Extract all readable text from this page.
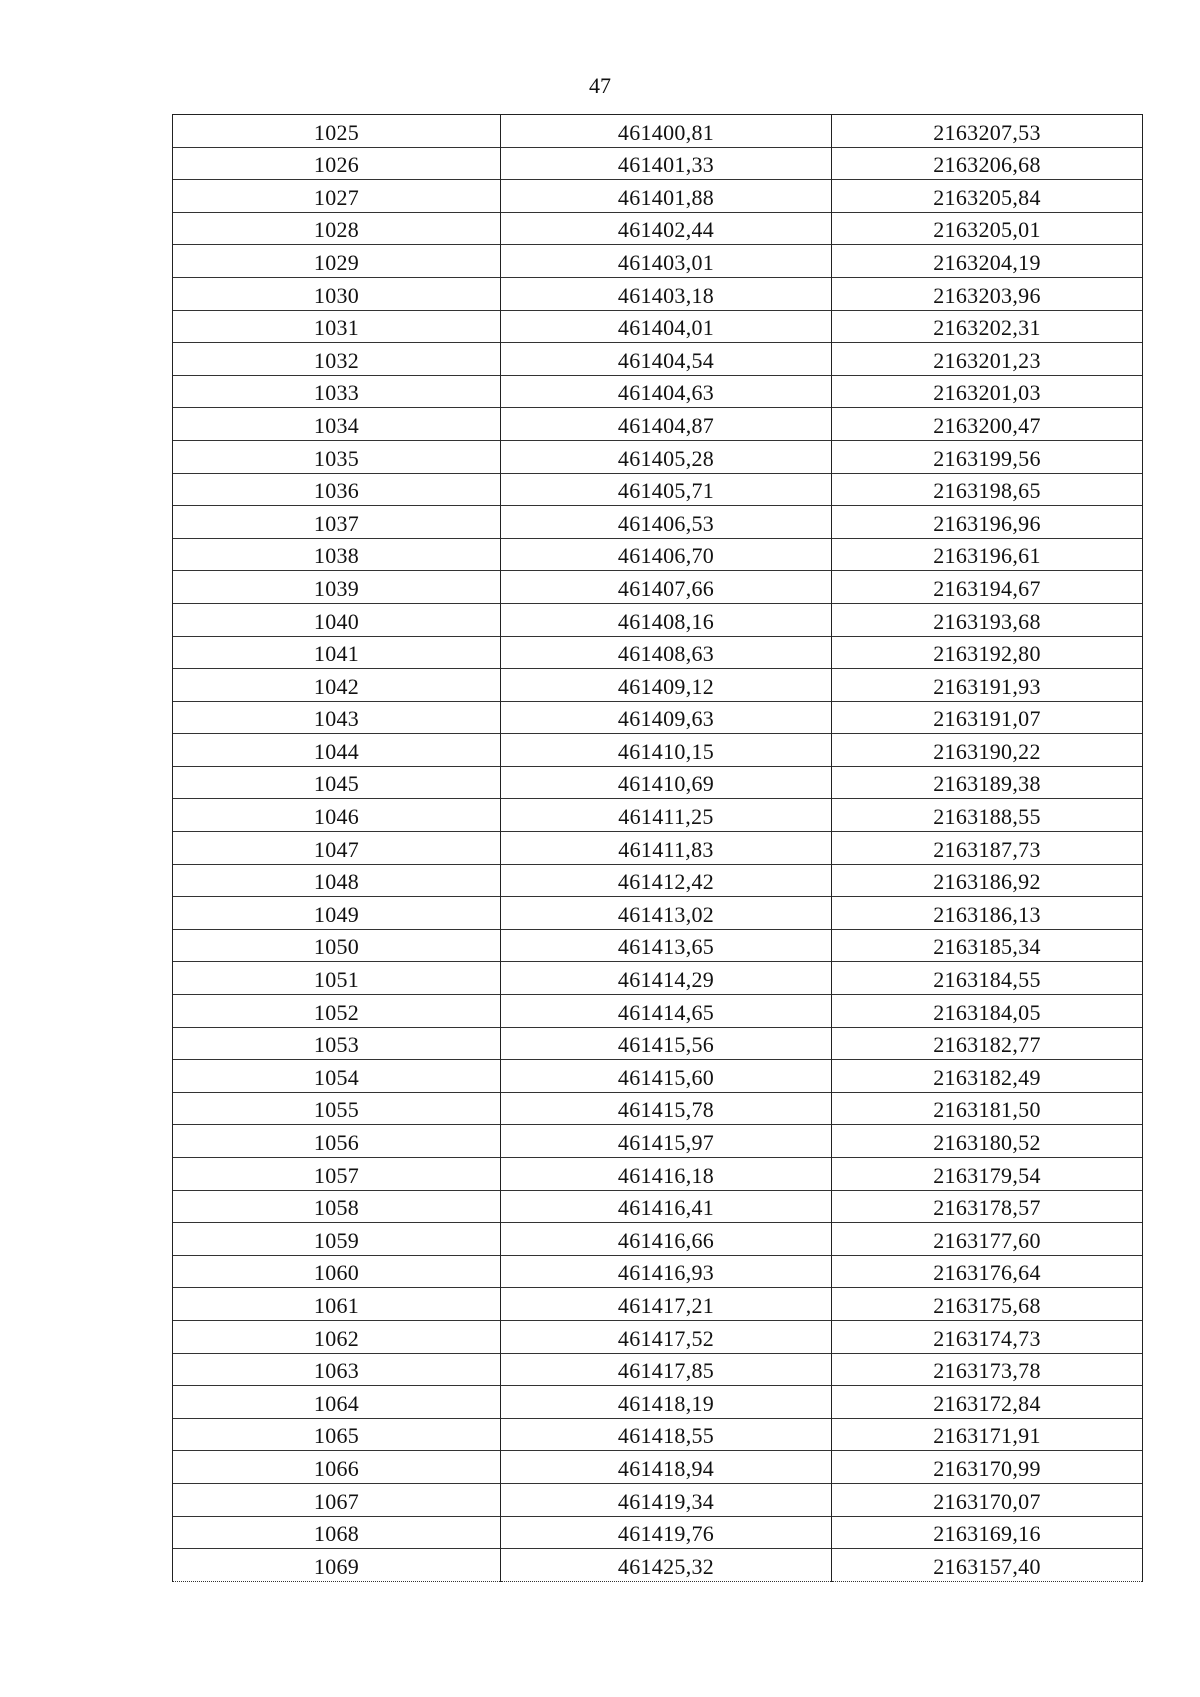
47
1025	461400,81	2163207,53
1026	461401,33	2163206,68
1027	461401,88	2163205,84
1028	461402,44	2163205,01
1029	461403,01	2163204,19
1030	461403,18	2163203,96
1031	461404,01	2163202,31
1032	461404,54	2163201,23
1033	461404,63	2163201,03
1034	461404,87	2163200,47
1035	461405,28	2163199,56
1036	461405,71	2163198,65
1037	461406,53	2163196,96
1038	461406,70	2163196,61
1039	461407,66	2163194,67
1040	461408,16	2163193,68
1041	461408,63	2163192,80
1042	461409,12	2163191,93
1043	461409,63	2163191,07
1044	461410,15	2163190,22
1045	461410,69	2163189,38
1046	461411,25	2163188,55
1047	461411,83	2163187,73
1048	461412,42	2163186,92
1049	461413,02	2163186,13
1050	461413,65	2163185,34
1051	461414,29	2163184,55
1052	461414,65	2163184,05
1053	461415,56	2163182,77
1054	461415,60	2163182,49
1055	461415,78	2163181,50
1056	461415,97	2163180,52
1057	461416,18	2163179,54
1058	461416,41	2163178,57
1059	461416,66	2163177,60
1060	461416,93	2163176,64
1061	461417,21	2163175,68
1062	461417,52	2163174,73
1063	461417,85	2163173,78
1064	461418,19	2163172,84
1065	461418,55	2163171,91
1066	461418,94	2163170,99
1067	461419,34	2163170,07
1068	461419,76	2163169,16
1069	461425,32	2163157,40
